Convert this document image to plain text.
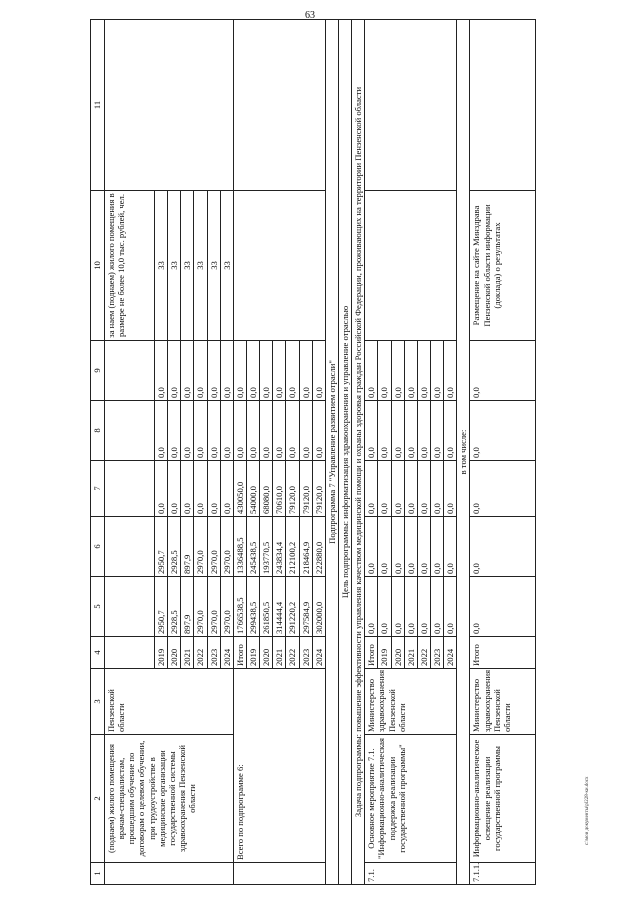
63
1	2	3	4	5	6	7	8	9	10	11
	(поднаем) жилого помещения врачам-специалистам, прошедшим обучение по договорам о целевом обучении, при трудоустройстве в медицинские организации государственной системы здравоохранения Пензенской области	Пензенской области							за наем (поднаем) жилого помещения в размере не более 10,0 тыс. рублей, чел.	
			2019	2950,7	2950,7	0,0	0,0	0,0	33	
			2020	2928,5	2928,5	0,0	0,0	0,0	33	
			2021	897,9	897,9	0,0	0,0	0,0	33	
			2022	2970,0	2970,0	0,0	0,0	0,0	33	
			2023	2970,0	2970,0	0,0	0,0	0,0	33	
			2024	2970,0	2970,0	0,0	0,0	0,0	33	
	Всего по подпрограмме 6:		Итого	1766538,5	1336488,5	430050,0	0,0	0,0		
			2019	299438,5	245438,5	54000,0	0,0	0,0		
			2020	261850,5	193770,5	68080,0	0,0	0,0		
			2021	314444,4	243834,4	70610,0	0,0	0,0		
			2022	291220,2	212100,2	79120,0	0,0	0,0		
			2023	297584,9	218464,9	79120,0	0,0	0,0		
			2024	302000,0	222880,0	79120,0	0,0	0,0		
Подпрограмма 7 "Управление развитием отрасли"										
Цель подпрограммы: информатизация здравоохранения и управление отраслью										
Задача подпрограммы: повышение эффективности управления качеством медицинской помощи и охраны здоровья граждан Российской Федерации, проживающих на территории Пензенской области										
7.1.	Основное мероприятие 7.1. "Информационно-аналитическая поддержка реализации государственной программы"	Министерство здравоохранения Пензенской области	Итого	0,0	0,0	0,0	0,0	0,0		
			2019	0,0	0,0	0,0	0,0	0,0		
			2020	0,0	0,0	0,0	0,0	0,0		
			2021	0,0	0,0	0,0	0,0	0,0		
			2022	0,0	0,0	0,0	0,0	0,0		
			2023	0,0	0,0	0,0	0,0	0,0		
			2024	0,0	0,0	0,0	0,0	0,0		
в том числе:										
7.1.1.	Информационно-аналитическое освещение реализации государственной программы	Министерство здравоохранения Пензенской области	Итого	0,0	0,0	0,0	0,0	0,0	Размещение на сайте Минздрава Пензенской области информации (доклада) о результатах	
c:\мои документы\pl228-ки.docx
